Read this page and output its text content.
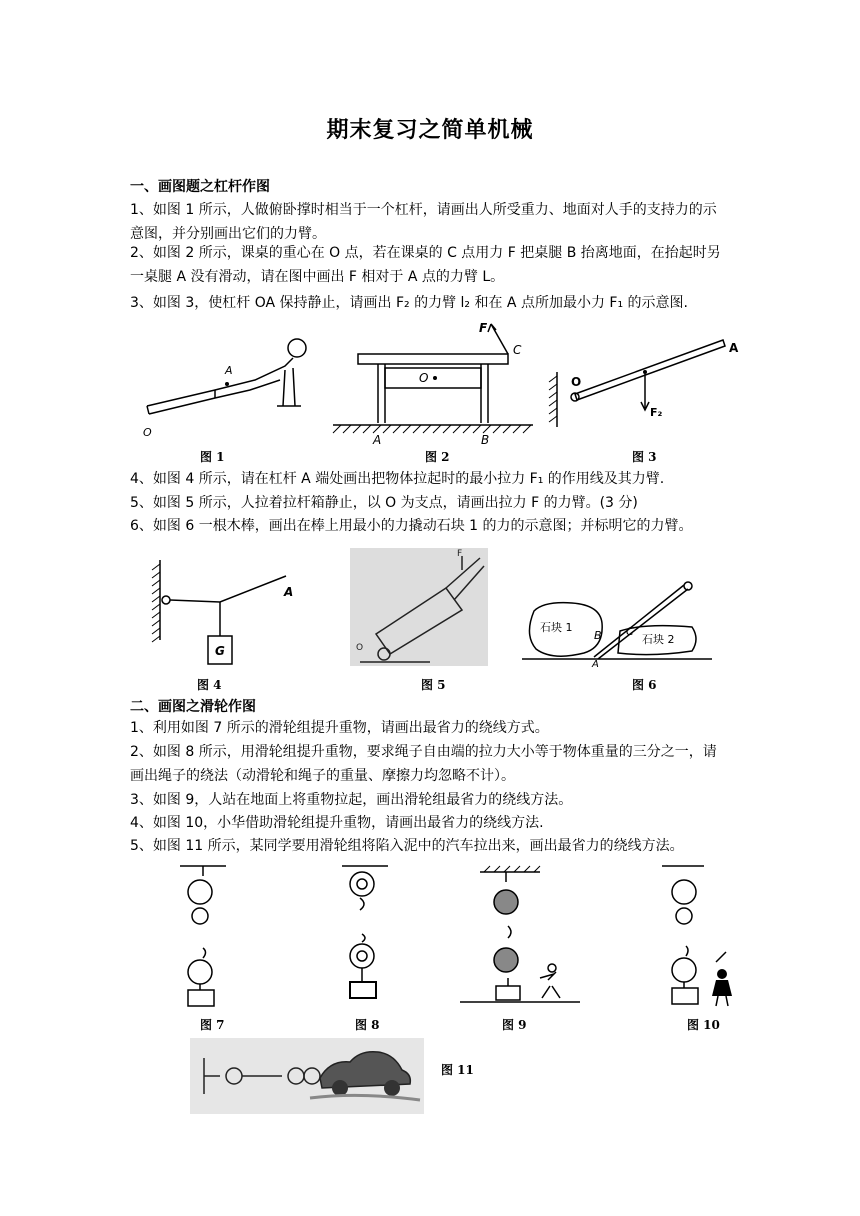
期末复习之简单机械
一、画图题之杠杆作图
1、如图 1 所示，人做俯卧撑时相当于一个杠杆，请画出人所受重力、地面对人手的支持力的示意图，并分别画出它们的力臂。
2、如图 2 所示，课桌的重心在 O 点，若在课桌的 C 点用力 F 把桌腿 B 抬离地面，在抬起时另一桌腿 A 没有滑动，请在图中画出 F 相对于 A 点的力臂 L。
3、如图 3，使杠杆 OA 保持静止，请画出 F₂ 的力臂 l₂ 和在 A 点所加最小力 F₁ 的示意图.
A
O
图 1
F
C
O
A	B
图 2
A
O
F₂
图 3
4、如图 4 所示，请在杠杆 A 端处画出把物体拉起时的最小拉力 F₁ 的作用线及其力臂.
5、如图 5 所示，人拉着拉杆箱静止，以 O 为支点，请画出拉力 F 的力臂。(3 分)
6、如图 6 一根木棒，画出在棒上用最小的力撬动石块 1 的力的示意图；并标明它的力臂。
A
G
图 4
F
O
图 5
石块 1
石块 2
B C
A
图 6
二、画图之滑轮作图
1、利用如图 7 所示的滑轮组提升重物，请画出最省力的绕线方式。
2、如图 8 所示，用滑轮组提升重物，要求绳子自由端的拉力大小等于物体重量的三分之一，请画出绳子的绕法（动滑轮和绳子的重量、摩擦力均忽略不计）。
3、如图 9，人站在地面上将重物拉起，画出滑轮组最省力的绕线方法。
4、如图 10，小华借助滑轮组提升重物，请画出最省力的绕线方法.
5、如图 11 所示，某同学要用滑轮组将陷入泥中的汽车拉出来，画出最省力的绕线方法。
图 7	图 8	图 9	图 10
图 11
